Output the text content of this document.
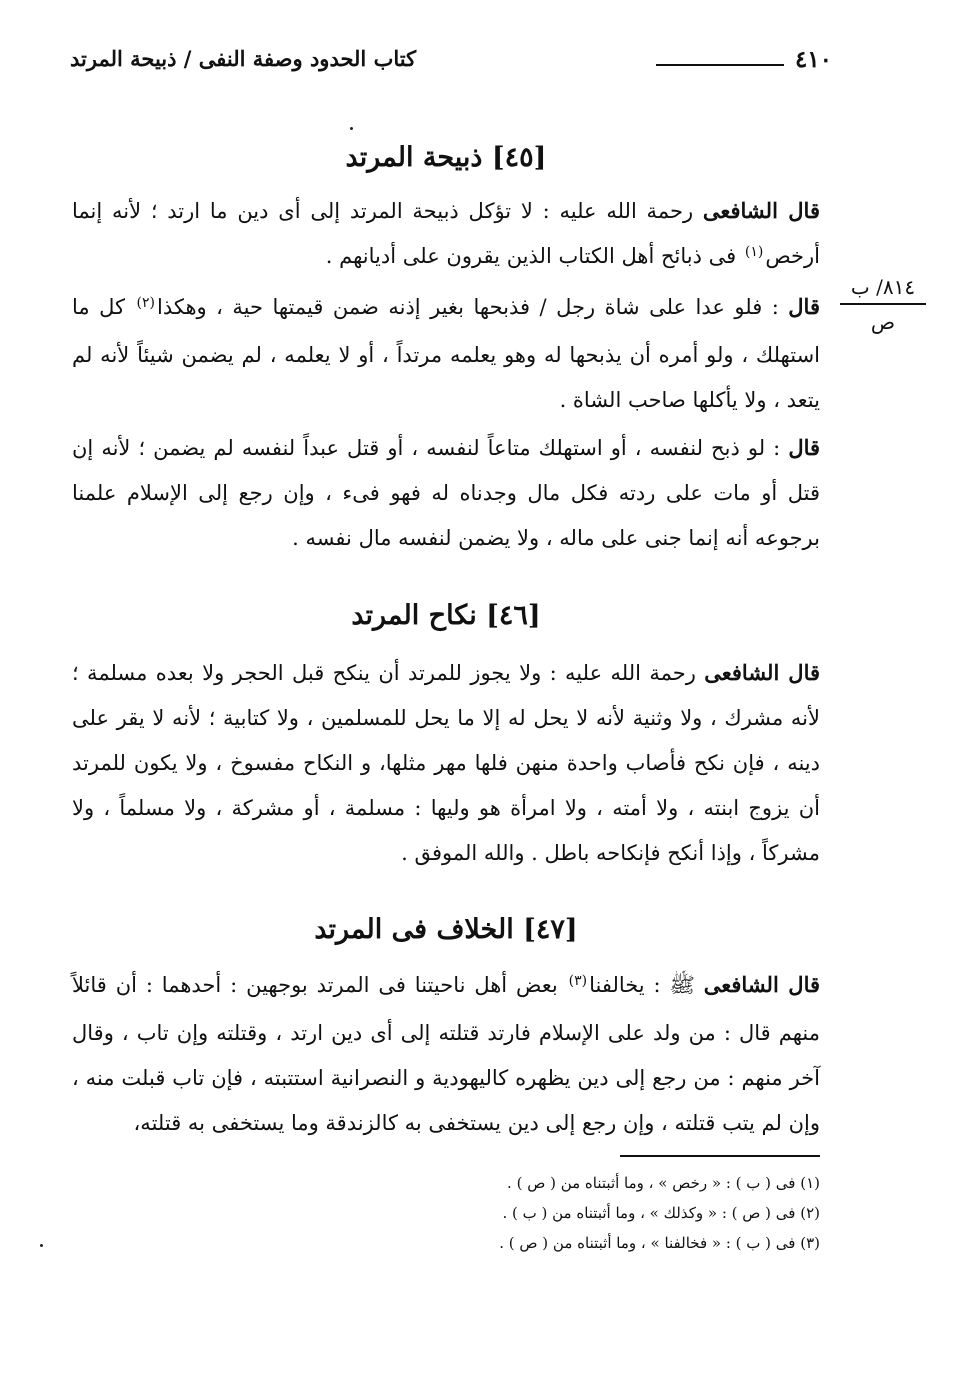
٤١٠
كتاب الحدود وصفة النفى / ذبيحة المرتد
[٤٥] ذبيحة المرتد

قال الشافعى رحمة الله عليه : لا تؤكل ذبيحة المرتد إلى أى دين ما ارتد ؛ لأنه إنما أرخص$^{(١)}$ فى ذبائح أهل الكتاب الذين يقرون على أديانهم .

قال : فلو عدا على شاة رجل / فذبحها بغير إذنه ضمن قيمتها حية ، وهكذا$^{(٢)}$ كل ما استهلك ، ولو أمره أن يذبحها له وهو يعلمه مرتداً ، أو لا يعلمه ، لم يضمن شيئاً لأنه لم يتعد ، ولا يأكلها صاحب الشاة .

قال : لو ذبح لنفسه ، أو استهلك متاعاً لنفسه ، أو قتل عبداً لنفسه لم يضمن ؛ لأنه إن قتل أو مات على ردته فكل مال وجدناه له فهو فىء ، وإن رجع إلى الإسلام علمنا برجوعه أنه إنما جنى على ماله ، ولا يضمن لنفسه مال نفسه .

٨١٤/ ب
ص
[٤٦] نكاح المرتد

قال الشافعى رحمة الله عليه : ولا يجوز للمرتد أن ينكح قبل الحجر ولا بعده مسلمة ؛لأنه مشرك ، ولا وثنية لأنه لا يحل له إلا ما يحل للمسلمين ، ولا كتابية ؛ لأنه لا يقر على دينه ، فإن نكح فأصاب واحدة منهن فلها مهر مثلها، و النكاح مفسوخ ، ولا يكون للمرتد أن يزوج ابنته ، ولا أمته ، ولا امرأة هو وليها : مسلمة ، أو مشركة ، ولا مسلماً ، ولا مشركاً ، وإذا أنكح فإنكاحه باطل . والله الموفق .

[٤٧] الخلاف فى المرتد

قال الشافعى ﷺ : يخالفنا$^{(٣)}$ بعض أهل ناحيتنا فى المرتد بوجهين : أحدهما : أن قائلاً منهم قال : من ولد على الإسلام فارتد قتلته إلى أى دين ارتد ، وقتلته وإن تاب ، وقال آخر منهم : من رجع إلى دين يظهره كاليهودية و النصرانية استتبته ، فإن تاب قبلت منه ، وإن لم يتب قتلته ، وإن رجع إلى دين يستخفى به كالزندقة وما يستخفى به قتلته،

(١) فى ( ب ) : « رخص » ، وما أثبتناه من ( ص ) .
(٢) فى ( ص ) : « وكذلك » ، وما أثبتناه من ( ب ) .
(٣) فى ( ب ) : « فخالفنا » ، وما أثبتناه من ( ص ) .
